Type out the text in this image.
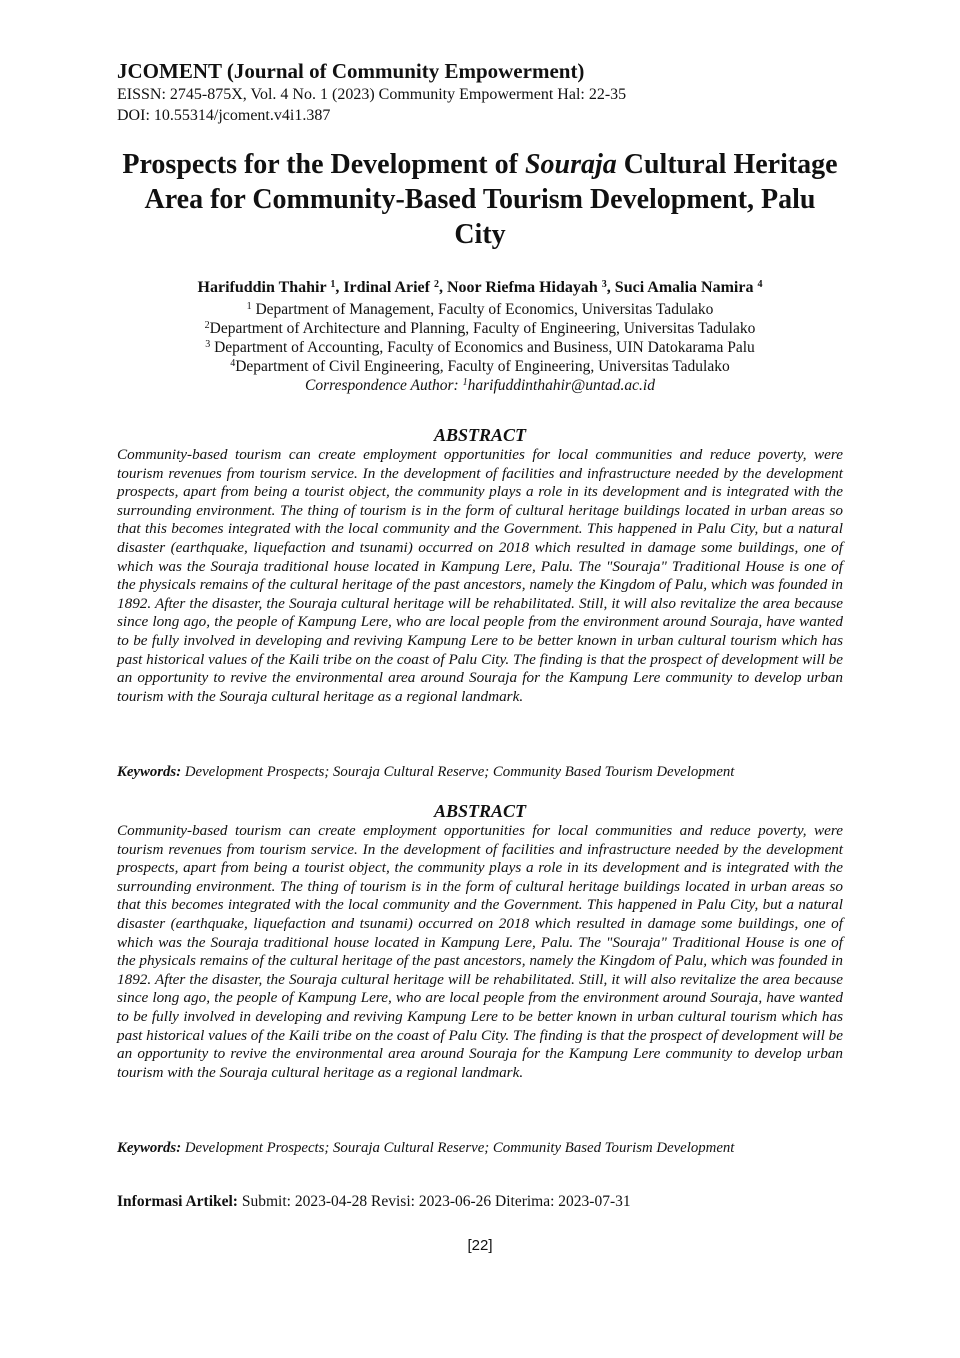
JCOMENT (Journal of Community Empowerment)

EISSN: 2745-875X, Vol. 4 No. 1 (2023) Community Empowerment Hal: 22-35

DOI: 10.55314/jcoment.v4i1.387

Prospects for the Development of Souraja Cultural Heritage Area for Community-Based Tourism Development, Palu City
Harifuddin Thahir $^1$, Irdinal Arief $^2$, Noor Riefma Hidayah $^3$, Suci Amalia Namira $^4$

$^1$ Department of Management, Faculty of Economics, Universitas Tadulako

$^2$Department of Architecture and Planning, Faculty of Engineering, Universitas Tadulako

$^3$ Department of Accounting, Faculty of Economics and Business, UIN Datokarama Palu

$^4$Department of Civil Engineering, Faculty of Engineering, Universitas Tadulako

Correspondence Author: $^1$harifuddinthahir@untad.ac.id

ABSTRACT

Community-based tourism can create employment opportunities for local communities and reduce poverty, were tourism revenues from tourism service. In the development of facilities and infrastructure needed by the development prospects, apart from being a tourist object, the community plays a role in its development and is integrated with the surrounding environment. The thing of tourism is in the form of cultural heritage buildings located in urban areas so that this becomes integrated with the local community and the Government. This happened in Palu City, but a natural disaster (earthquake, liquefaction and tsunami) occurred on 2018 which resulted in damage some buildings, one of which was the Souraja traditional house located in Kampung Lere, Palu. The "Souraja" Traditional House is one of the physicals remains of the cultural heritage of the past ancestors, namely the Kingdom of Palu, which was founded in 1892. After the disaster, the Souraja cultural heritage will be rehabilitated. Still, it will also revitalize the area because since long ago, the people of Kampung Lere, who are local people from the environment around Souraja, have wanted to be fully involved in developing and reviving Kampung Lere to be better known in urban cultural tourism which has past historical values of the Kaili tribe on the coast of Palu City. The finding is that the prospect of development will be an opportunity to revive the environmental area around Souraja for the Kampung Lere community to develop urban tourism with the Souraja cultural heritage as a regional landmark.

Keywords: Development Prospects; Souraja Cultural Reserve; Community Based Tourism Development

ABSTRACT

Community-based tourism can create employment opportunities for local communities and reduce poverty, were tourism revenues from tourism service. In the development of facilities and infrastructure needed by the development prospects, apart from being a tourist object, the community plays a role in its development and is integrated with the surrounding environment. The thing of tourism is in the form of cultural heritage buildings located in urban areas so that this becomes integrated with the local community and the Government. This happened in Palu City, but a natural disaster (earthquake, liquefaction and tsunami) occurred on 2018 which resulted in damage some buildings, one of which was the Souraja traditional house located in Kampung Lere, Palu. The "Souraja" Traditional House is one of the physicals remains of the cultural heritage of the past ancestors, namely the Kingdom of Palu, which was founded in 1892. After the disaster, the Souraja cultural heritage will be rehabilitated. Still, it will also revitalize the area because since long ago, the people of Kampung Lere, who are local people from the environment around Souraja, have wanted to be fully involved in developing and reviving Kampung Lere to be better known in urban cultural tourism which has past historical values of the Kaili tribe on the coast of Palu City. The finding is that the prospect of development will be an opportunity to revive the environmental area around Souraja for the Kampung Lere community to develop urban tourism with the Souraja cultural heritage as a regional landmark.

Keywords: Development Prospects; Souraja Cultural Reserve; Community Based Tourism Development

Informasi Artikel: Submit: 2023-04-28 Revisi: 2023-06-26 Diterima: 2023-07-31

[22]
